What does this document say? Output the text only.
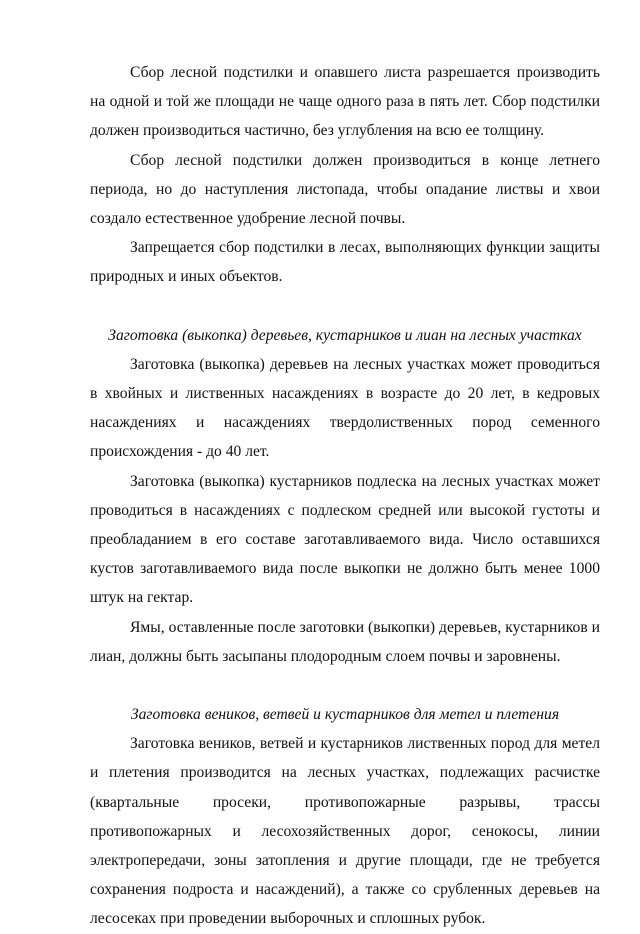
Сбор лесной подстилки и опавшего листа разрешается производить на одной и той же площади не чаще одного раза в пять лет. Сбор подстилки должен производиться частично, без углубления на всю ее толщину.

Сбор лесной подстилки должен производиться в конце летнего периода, но до наступления листопада, чтобы опадание листвы и хвои создало естественное удобрение лесной почвы.

Запрещается сбор подстилки в лесах, выполняющих функции защиты природных и иных объектов.

Заготовка (выкопка) деревьев, кустарников и лиан на лесных участках

Заготовка (выкопка) деревьев на лесных участках может проводиться в хвойных и лиственных насаждениях в возрасте до 20 лет, в кедровых насаждениях и насаждениях твердолиственных пород семенного происхождения - до 40 лет.

Заготовка (выкопка) кустарников подлеска на лесных участках может проводиться в насаждениях с подлеском средней или высокой густоты и преобладанием в его составе заготавливаемого вида. Число оставшихся кустов заготавливаемого вида после выкопки не должно быть менее 1000 штук на гектар.

Ямы, оставленные после заготовки (выкопки) деревьев, кустарников и лиан, должны быть засыпаны плодородным слоем почвы и заровнены.

Заготовка веников, ветвей и кустарников для метел и плетения

Заготовка веников, ветвей и кустарников лиственных пород для метел и плетения производится на лесных участках, подлежащих расчистке (квартальные просеки, противопожарные разрывы, трассы противопожарных и лесохозяйственных дорог, сенокосы, линии электропередачи, зоны затопления и другие площади, где не требуется сохранения подроста и насаждений), а также со срубленных деревьев на лесосеках при проведении выборочных и сплошных рубок.
